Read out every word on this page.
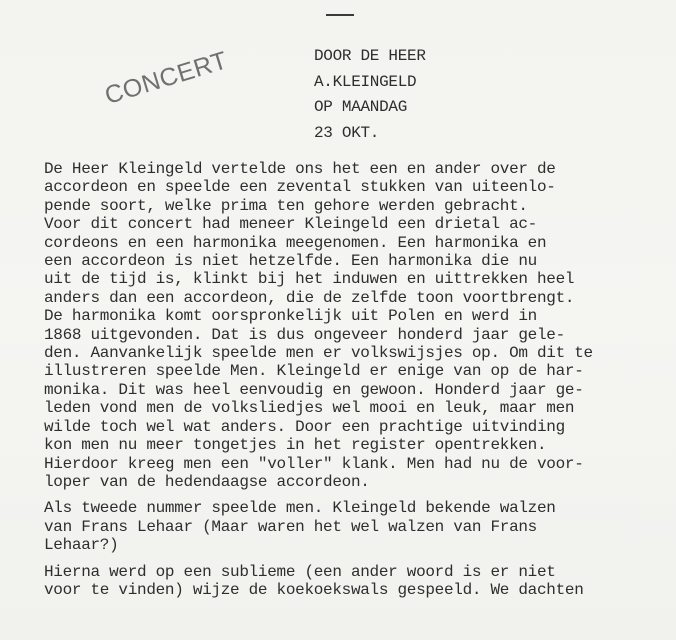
DOOR DE HEER
A.KLEINGELD
OP MAANDAG
23 OKT.
CONCERT
De Heer Kleingeld vertelde ons het een en ander over de
accordeon en speelde een zevental stukken van uiteenlo-
pende soort, welke prima ten gehore werden gebracht.
Voor dit concert had meneer Kleingeld een drietal ac-
cordeons en een harmonika meegenomen. Een harmonika en
een accordeon is niet hetzelfde. Een harmonika die nu
uit de tijd is, klinkt bij het induwen en uittrekken heel
anders dan een accordeon, die de zelfde toon voortbrengt.
De harmonika komt oorspronkelijk uit Polen en werd in
1868 uitgevonden. Dat is dus ongeveer honderd jaar gele-
den. Aanvankelijk speelde men er volkswijsjes op. Om dit te
illustreren speelde Men. Kleingeld er enige van op de har-
monika. Dit was heel eenvoudig en gewoon. Honderd jaar ge-
leden vond men de volksliedjes wel mooi en leuk, maar men
wilde toch wel wat anders. Door een prachtige uitvinding
kon men nu meer tongetjes in het register opentrekken.
Hierdoor kreeg men een "voller" klank. Men had nu de voor-
loper van de hedendaagse accordeon.
Als tweede nummer speelde men. Kleingeld bekende walzen
van Frans Lehaar (Maar waren het wel walzen van Frans
Lehaar?)
Hierna werd op een sublieme (een ander woord is er niet
voor te vinden) wijze de koekoekswals gespeeld. We dachten
